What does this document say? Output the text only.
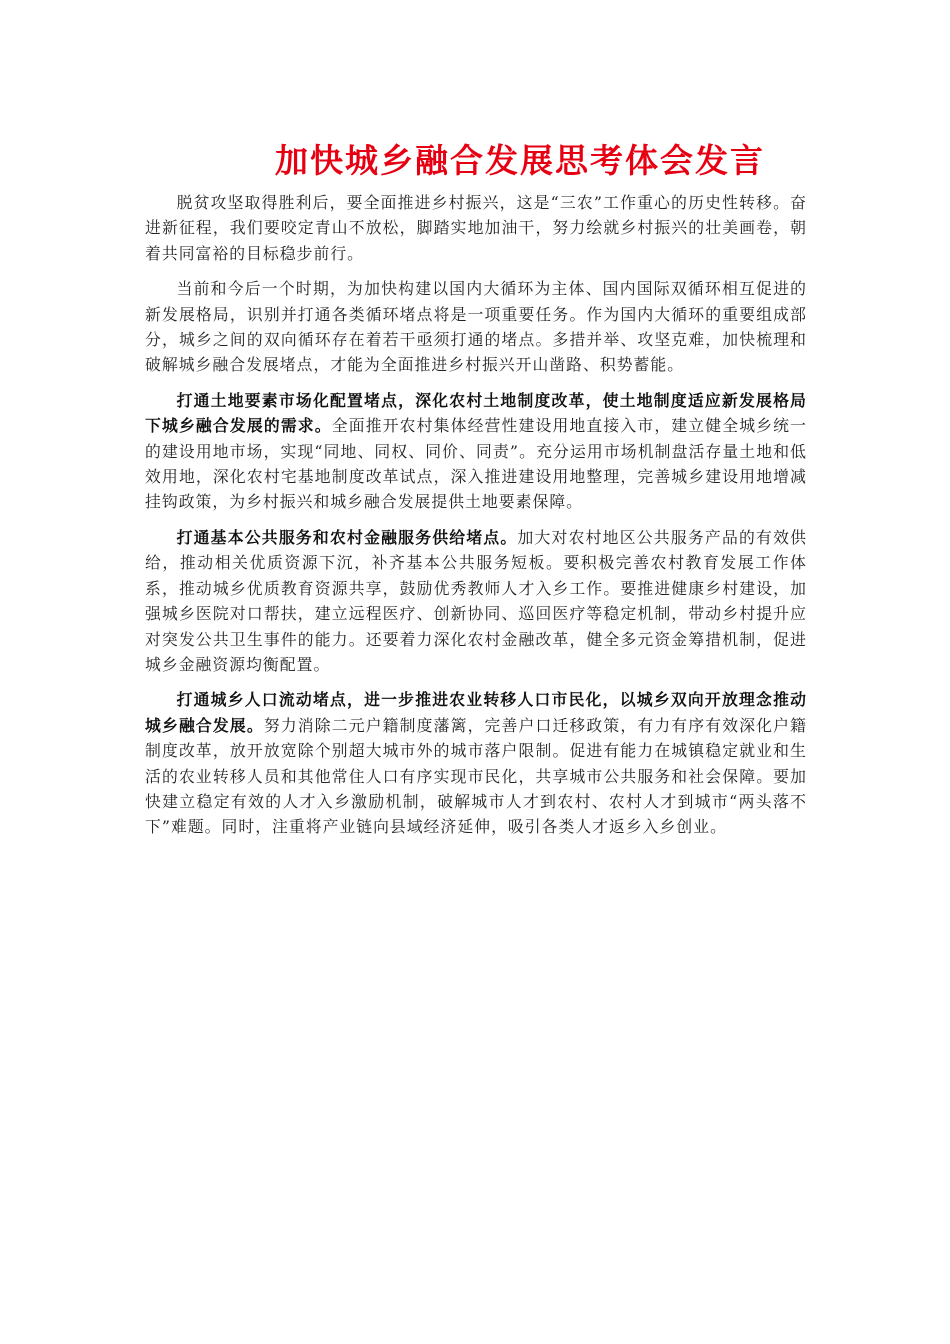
加快城乡融合发展思考体会发言

脱贫攻坚取得胜利后，要全面推进乡村振兴，这是“三农”工作重心的历史性转移。奋进新征程，我们要咬定青山不放松，脚踏实地加油干，努力绘就乡村振兴的壮美画卷，朝着共同富裕的目标稳步前行。

当前和今后一个时期，为加快构建以国内大循环为主体、国内国际双循环相互促进的新发展格局，识别并打通各类循环堵点将是一项重要任务。作为国内大循环的重要组成部分，城乡之间的双向循环存在着若干亟须打通的堵点。多措并举、攻坚克难，加快梳理和破解城乡融合发展堵点，才能为全面推进乡村振兴开山凿路、积势蓄能。

打通土地要素市场化配置堵点，深化农村土地制度改革，使土地制度适应新发展格局下城乡融合发展的需求。全面推开农村集体经营性建设用地直接入市，建立健全城乡统一的建设用地市场，实现“同地、同权、同价、同责”。充分运用市场机制盘活存量土地和低效用地，深化农村宅基地制度改革试点，深入推进建设用地整理，完善城乡建设用地增减挂钩政策，为乡村振兴和城乡融合发展提供土地要素保障。

打通基本公共服务和农村金融服务供给堵点。加大对农村地区公共服务产品的有效供给，推动相关优质资源下沉，补齐基本公共服务短板。要积极完善农村教育发展工作体系，推动城乡优质教育资源共享，鼓励优秀教师人才入乡工作。要推进健康乡村建设，加强城乡医院对口帮扶，建立远程医疗、创新协同、巡回医疗等稳定机制，带动乡村提升应对突发公共卫生事件的能力。还要着力深化农村金融改革，健全多元资金筹措机制，促进城乡金融资源均衡配置。

打通城乡人口流动堵点，进一步推进农业转移人口市民化，以城乡双向开放理念推动城乡融合发展。努力消除二元户籍制度藩篱，完善户口迁移政策，有力有序有效深化户籍制度改革，放开放宽除个别超大城市外的城市落户限制。促进有能力在城镇稳定就业和生活的农业转移人员和其他常住人口有序实现市民化，共享城市公共服务和社会保障。要加快建立稳定有效的人才入乡激励机制，破解城市人才到农村、农村人才到城市“两头落不下”难题。同时，注重将产业链向县域经济延伸，吸引各类人才返乡入乡创业。
